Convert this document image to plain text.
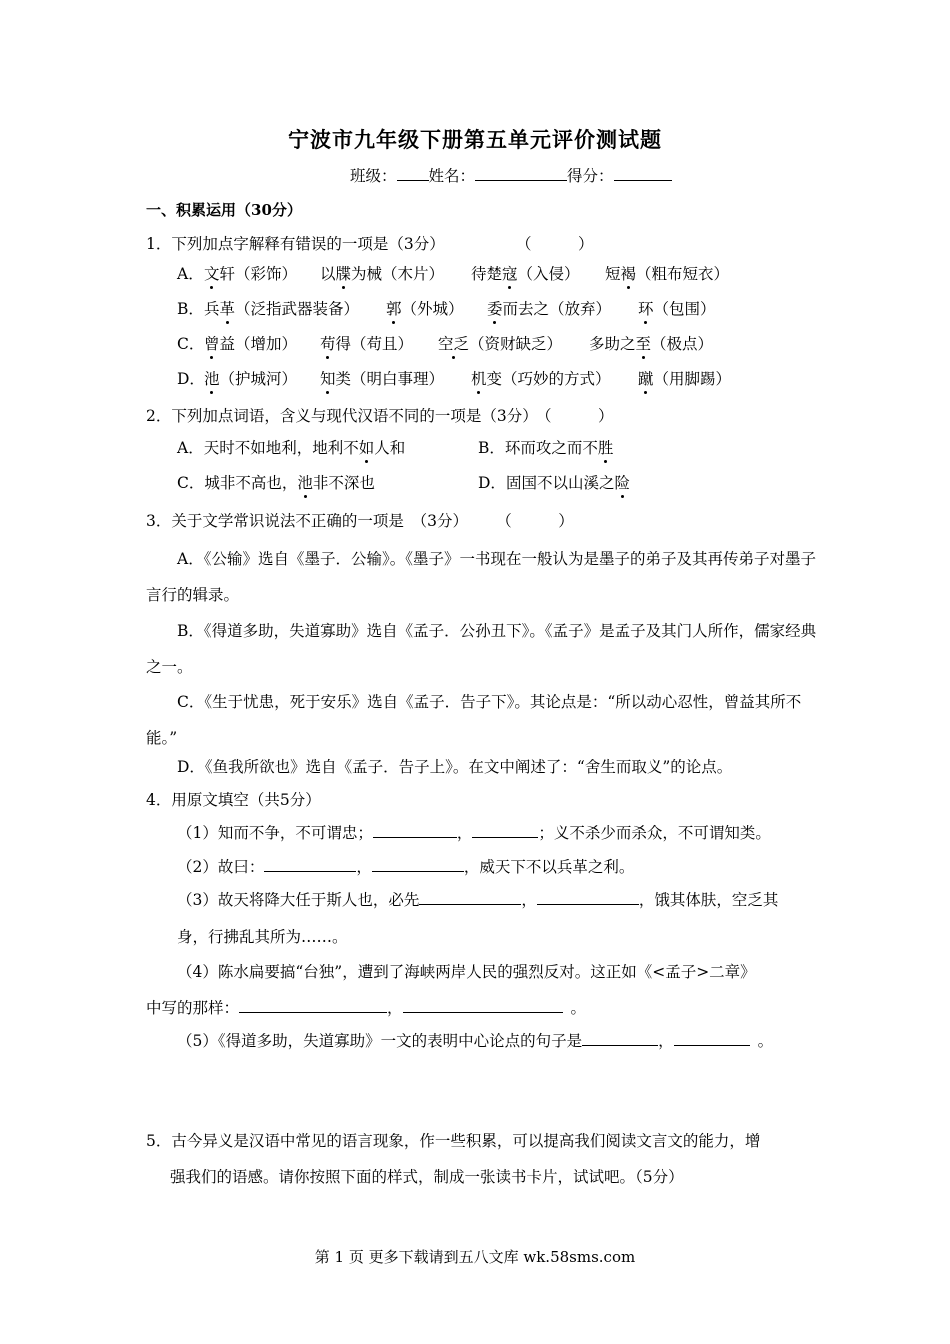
宁波市九年级下册第五单元评价测试题
班级： 姓名：	得分：
一、积累运用（30分）
1．下列加点字解释有错误的一项是（3分）	（　　　）
A． 文轩（彩饰） 以牒为械（木片） 待楚寇（入侵） 短褐（粗布短衣）
B． 兵革（泛指武器装备） 郭（外城） 委而去之（放弃） 环（包围）
C． 曾益（增加） 苟得（苟且） 空乏（资财缺乏） 多助之至（极点）
D． 池（护城河） 知类（明白事理） 机变（巧妙的方式） 蹴（用脚踢）
2．下列加点词语，含义与现代汉语不同的一项是（3分） （　　　）
A．天时不如地利，地利不如人和	B．环而攻之而不胜
C．城非不高也，池非不深也	D．固国不以山溪之险
3．关于文学常识说法不正确的一项是　（3分） （　　　）
A．《公输》选自《墨子．公输》。《墨子》一书现在一般认为是墨子的弟子及其再传弟子对墨子言行的辑录。
B．《得道多助，失道寡助》选自《孟子．公孙丑下》。《孟子》是孟子及其门人所作，儒家经典之一。
C．《生于忧患，死于安乐》选自《孟子．告子下》。其论点是：“所以动心忍性，曾益其所不能。”
D．《鱼我所欲也》选自《孟子．告子上》。在文中阐述了：“舍生而取义”的论点。
4．用原文填空（共5分）
（1）知而不争，不可谓忠；	，	；义不杀少而杀众，不可谓知类。
（2）故曰：	，	，威天下不以兵革之利。
（3）故天将降大任于斯人也，必先	，	，饿其体肤，空乏其
身，行拂乱其所为……。
（4）陈水扁要搞“台独”，遭到了海峡两岸人民的强烈反对。这正如《<孟子>二章》
中写的那样：	，	。
（5）《得道多助，失道寡助》一文的表明中心论点的句子是	，	。
5．古今异义是汉语中常见的语言现象，作一些积累，可以提高我们阅读文言文的能力，增
强我们的语感。请你按照下面的样式，制成一张读书卡片，试试吧。（5分）
第 1 页 更多下载请到五八文库 wk.58sms.com
